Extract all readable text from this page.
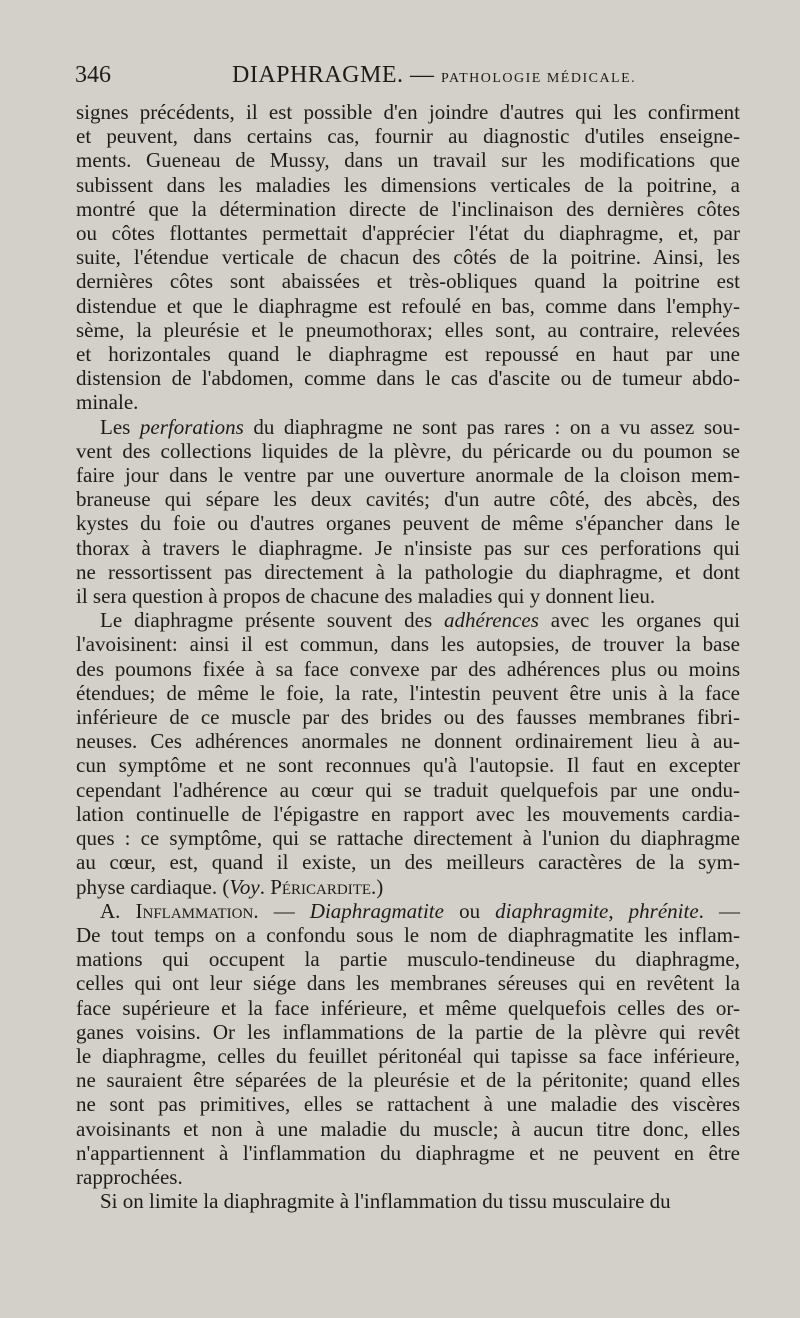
346	DIAPHRAGME. — PATHOLOGIE MÉDICALE.

signes précédents, il est possible d'en joindre d'autres qui les confirment
et peuvent, dans certains cas, fournir au diagnostic d'utiles enseigne-
ments. Gueneau de Mussy, dans un travail sur les modifications que
subissent dans les maladies les dimensions verticales de la poitrine, a
montré que la détermination directe de l'inclinaison des dernières côtes
ou côtes flottantes permettait d'apprécier l'état du diaphragme, et, par
suite, l'étendue verticale de chacun des côtés de la poitrine. Ainsi, les
dernières côtes sont abaissées et très-obliques quand la poitrine est
distendue et que le diaphragme est refoulé en bas, comme dans l'emphy-
sème, la pleurésie et le pneumothorax; elles sont, au contraire, relevées
et horizontales quand le diaphragme est repoussé en haut par une
distension de l'abdomen, comme dans le cas d'ascite ou de tumeur abdo-
minale.

Les perforations du diaphragme ne sont pas rares : on a vu assez sou-
vent des collections liquides de la plèvre, du péricarde ou du poumon se
faire jour dans le ventre par une ouverture anormale de la cloison mem-
braneuse qui sépare les deux cavités; d'un autre côté, des abcès, des
kystes du foie ou d'autres organes peuvent de même s'épancher dans le
thorax à travers le diaphragme. Je n'insiste pas sur ces perforations qui
ne ressortissent pas directement à la pathologie du diaphragme, et dont
il sera question à propos de chacune des maladies qui y donnent lieu.

Le diaphragme présente souvent des adhérences avec les organes qui
l'avoisinent: ainsi il est commun, dans les autopsies, de trouver la base
des poumons fixée à sa face convexe par des adhérences plus ou moins
étendues; de même le foie, la rate, l'intestin peuvent être unis à la face
inférieure de ce muscle par des brides ou des fausses membranes fibri-
neuses. Ces adhérences anormales ne donnent ordinairement lieu à au-
cun symptôme et ne sont reconnues qu'à l'autopsie. Il faut en excepter
cependant l'adhérence au cœur qui se traduit quelquefois par une ondu-
lation continuelle de l'épigastre en rapport avec les mouvements cardia-
ques : ce symptôme, qui se rattache directement à l'union du diaphragme
au cœur, est, quand il existe, un des meilleurs caractères de la sym-
physe cardiaque. (Voy. Péricardite.)

A. Inflammation. — Diaphragmatite ou diaphragmite, phrénite. —
De tout temps on a confondu sous le nom de diaphragmatite les inflam-
mations qui occupent la partie musculo-tendineuse du diaphragme,
celles qui ont leur siége dans les membranes séreuses qui en revêtent la
face supérieure et la face inférieure, et même quelquefois celles des or-
ganes voisins. Or les inflammations de la partie de la plèvre qui revêt
le diaphragme, celles du feuillet péritonéal qui tapisse sa face inférieure,
ne sauraient être séparées de la pleurésie et de la péritonite; quand elles
ne sont pas primitives, elles se rattachent à une maladie des viscères
avoisinants et non à une maladie du muscle; à aucun titre donc, elles
n'appartiennent à l'inflammation du diaphragme et ne peuvent en être
rapprochées.

Si on limite la diaphragmite à l'inflammation du tissu musculaire du
